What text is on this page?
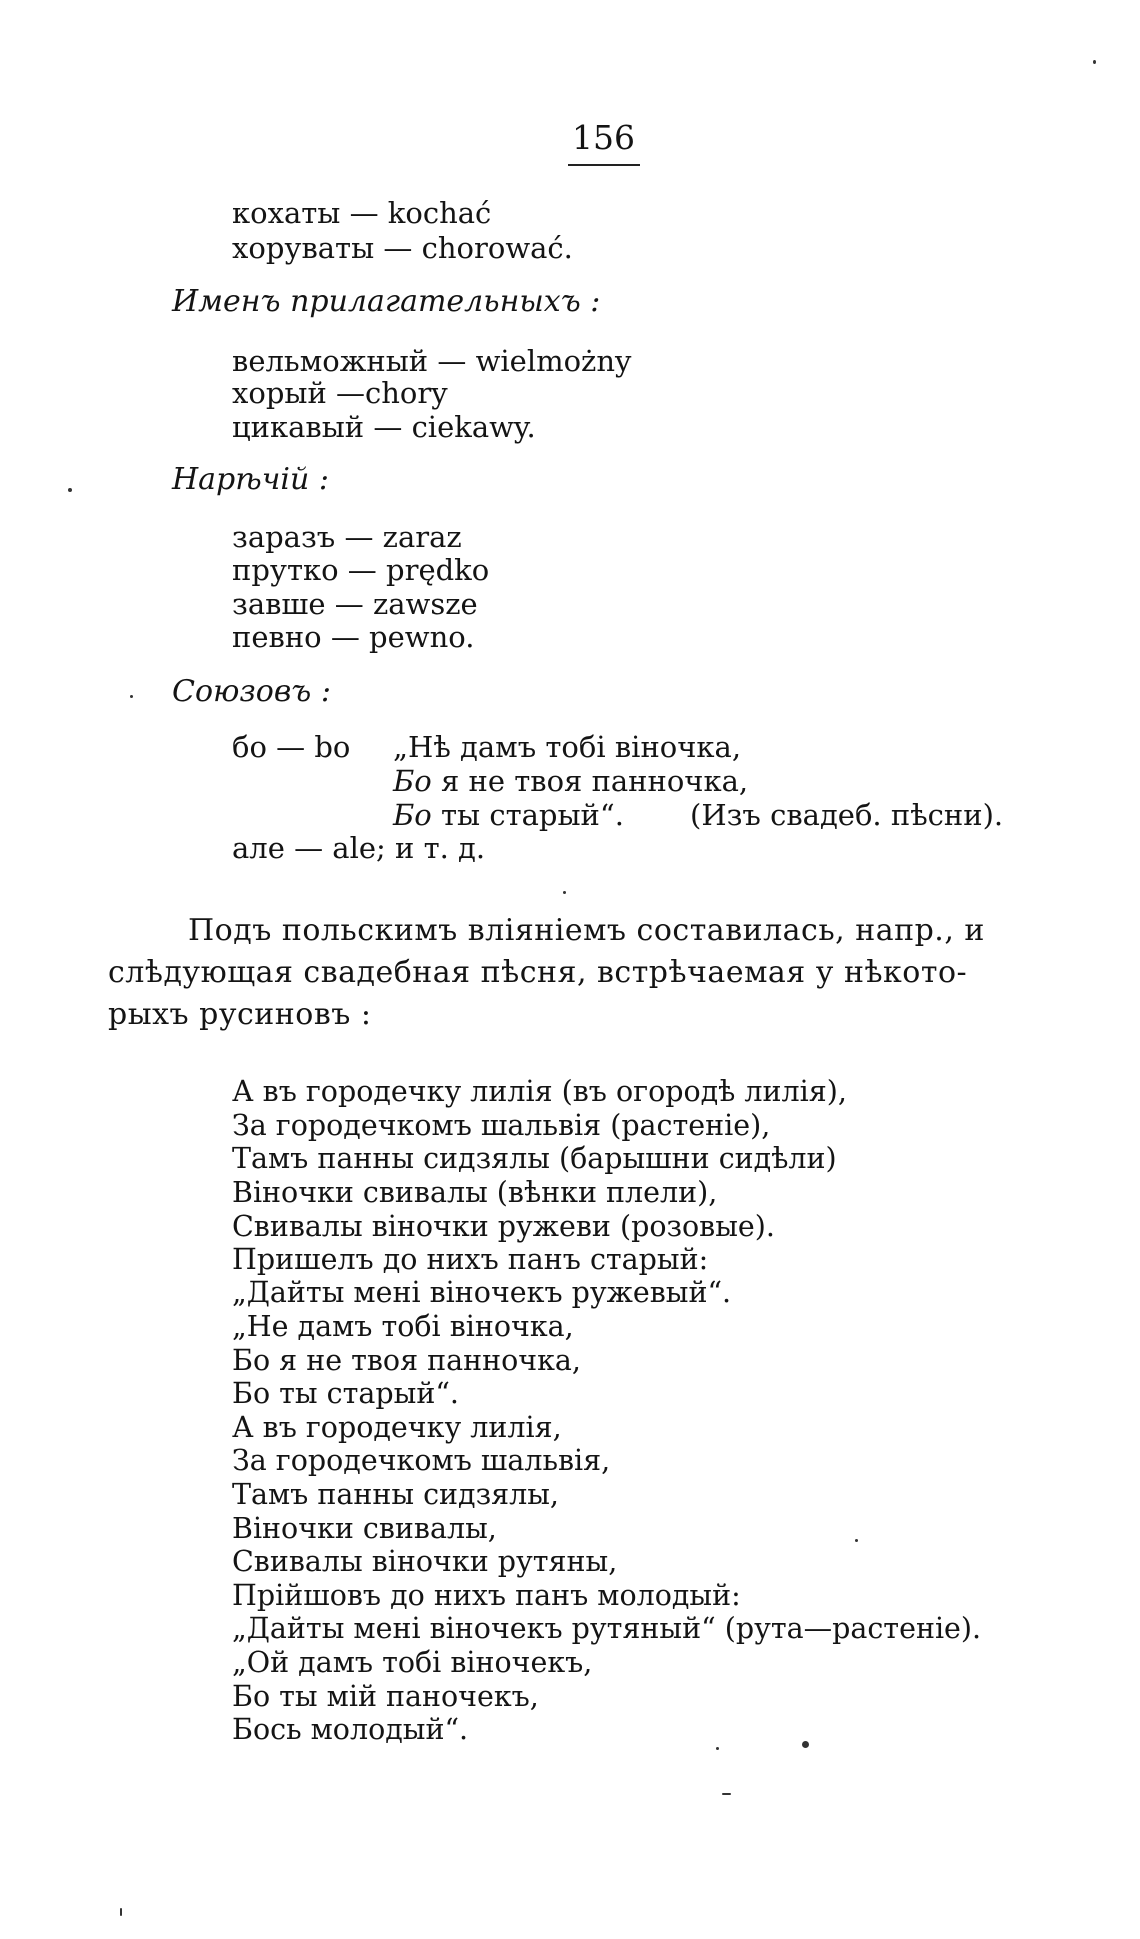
156
кохаты — kochać
хоруваты — chorować.
Именъ прилагательныхъ :
вельможный — wielmożny
хорый —chory
цикавый — ciekawy.
Нарѣчій :
заразъ — zaraz
прутко — prędko
завше — zawsze
певно — pewno.
Союзовъ :
бо — bo „Нѣ дамъ тобі віночка,
Бо я не твоя панночка,
Бо ты старый“. (Изъ свадеб. пѣсни).
але — ale; и т. д.
Подъ польскимъ вліяніемъ составилась, напр., и
слѣдующая свадебная пѣсня, встрѣчаемая у нѣкото-
рыхъ русиновъ :
А въ городечку лилія (въ огородѣ лилія),
За городечкомъ шальвія (растеніе),
Тамъ панны сидзялы (барышни сидѣли)
Віночки свивалы (вѣнки плели),
Свивалы віночки ружеви (розовые).
Пришелъ до нихъ панъ старый:
„Дайты мені віночекъ ружевый“.
„Не дамъ тобі віночка,
Бо я не твоя панночка,
Бо ты старый“.
А въ городечку лилія,
За городечкомъ шальвія,
Тамъ панны сидзялы,
Віночки свивалы,
Свивалы віночки рутяны,
Прійшовъ до нихъ панъ молодый:
„Дайты мені віночекъ рутяный“ (рута—растеніе).
„Ой дамъ тобі віночекъ,
Бо ты мій паночекъ,
Бось молодый“.
